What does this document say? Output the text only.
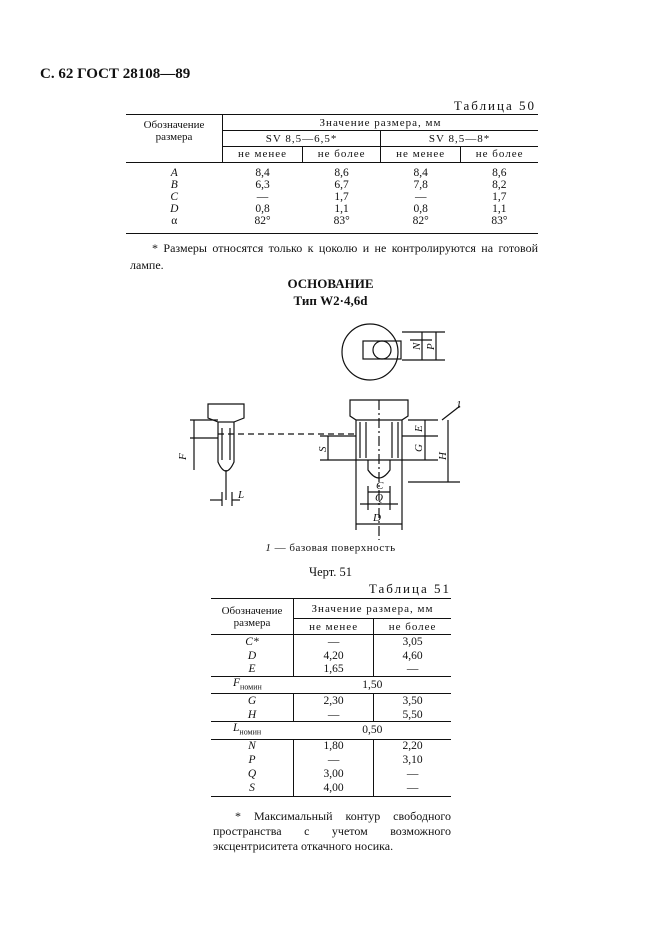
С. 62 ГОСТ 28108—89
Таблица 50
Обозначение
размера	Значение размера, мм			
	SV 8,5—6,5*		SV 8,5—8*	
	не менее	не более	не менее	не более

A	8,4	8,6	8,4	8,6
B	6,3	6,7	7,8	8,2
C	—	1,7	—	1,7
D	0,8	1,1	0,8	1,1
α	82°	83°	82°	83°
* Размеры относятся только к цоколю и не контролируются на готовой лампе.
ОСНОВАНИЕ
Тип W2·4,6d
F
L
S
E
G
H
C
Q
D
N P
1
1 — базовая поверхность
Черт. 51
Таблица 51
Обозначение
размера	Значение размера, мм	
	не менее	не более
C*	—	3,05
D	4,20	4,60
E	1,65	—
$F_{номин}$	1,50	
G	2,30	3,50
H	—	5,50
$L_{номин}$	0,50	
N	1,80	2,20
P	—	3,10
Q	3,00	—
S	4,00	—
* Максимальный контур свободного пространства с учетом возможного эксцентриситета откачного носика.
